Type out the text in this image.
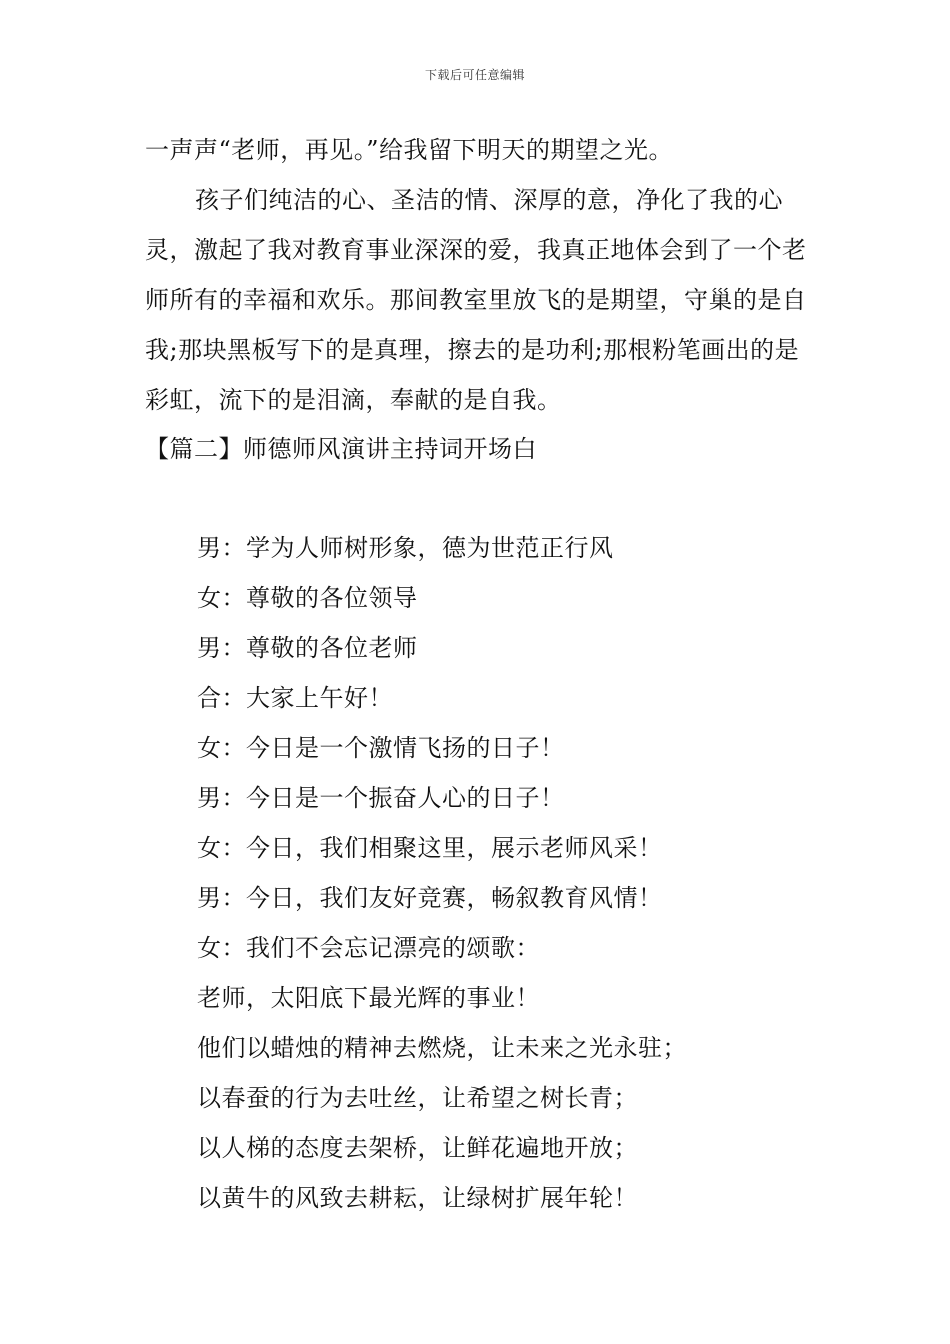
下载后可任意编辑
一声声“老师，再见。”给我留下明天的期望之光。
孩子们纯洁的心、圣洁的情、深厚的意，净化了我的心灵，激起了我对教育事业深深的爱，我真正地体会到了一个老师所有的幸福和欢乐。那间教室里放飞的是期望，守巢的是自我;那块黑板写下的是真理，擦去的是功利;那根粉笔画出的是彩虹，流下的是泪滴，奉献的是自我。
【篇二】师德师风演讲主持词开场白
男：学为人师树形象，德为世范正行风
女：尊敬的各位领导
男：尊敬的各位老师
合：大家上午好！
女：今日是一个激情飞扬的日子！
男：今日是一个振奋人心的日子！
女：今日，我们相聚这里，展示老师风采！
男：今日，我们友好竞赛，畅叙教育风情！
女：我们不会忘记漂亮的颂歌：
老师，太阳底下最光辉的事业！
他们以蜡烛的精神去燃烧，让未来之光永驻；
以春蚕的行为去吐丝，让希望之树长青；
以人梯的态度去架桥，让鲜花遍地开放；
以黄牛的风致去耕耘，让绿树扩展年轮！
